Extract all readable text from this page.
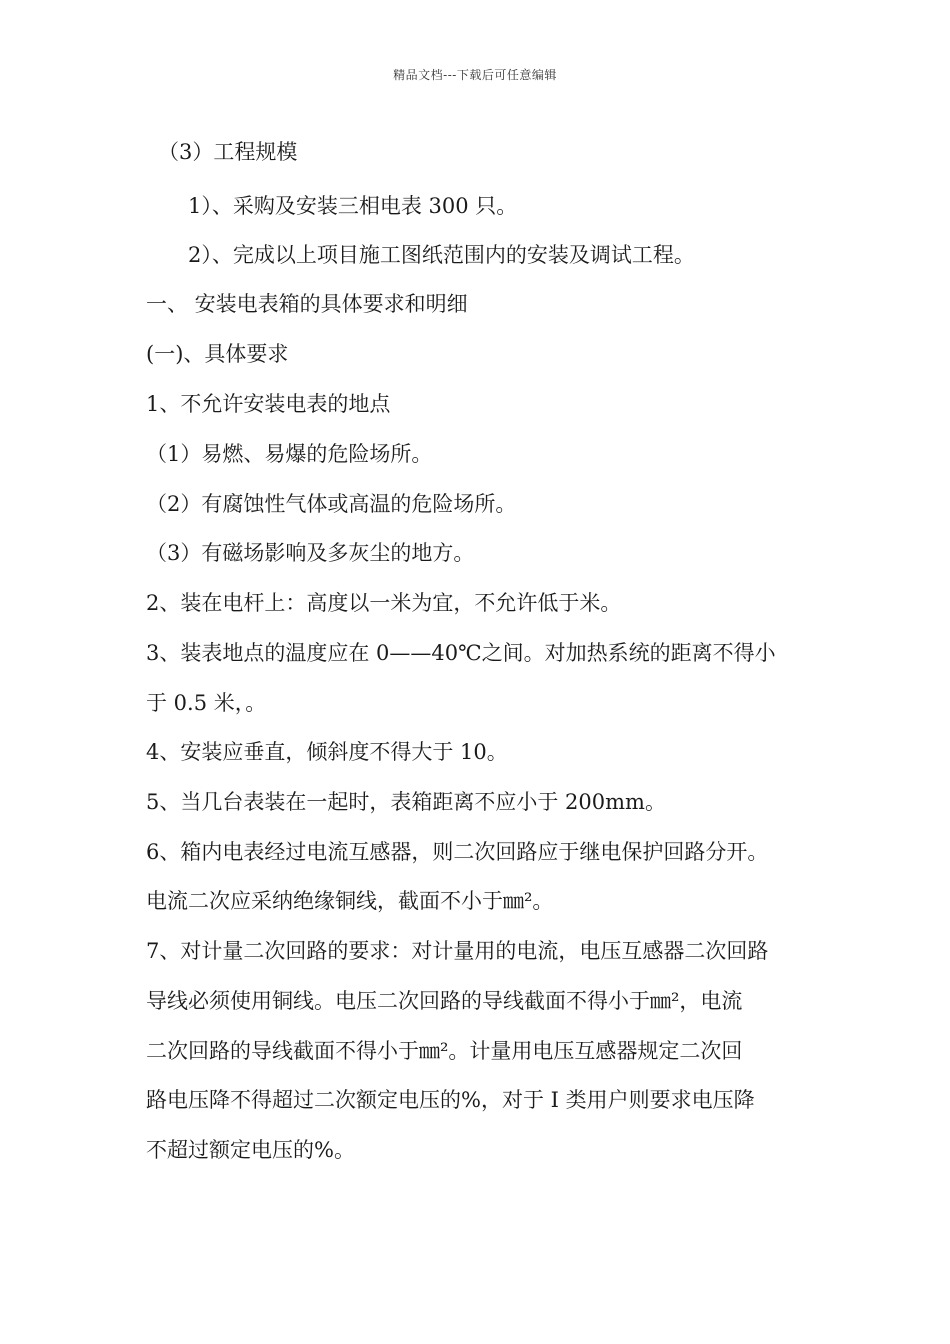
精品文档---下载后可任意编辑
（3）工程规模
1）、采购及安装三相电表 300 只。
2）、完成以上项目施工图纸范围内的安装及调试工程。
一、 安装电表箱的具体要求和明细
(一)、具体要求
1、不允许安装电表的地点
（1）易燃、易爆的危险场所。
（2）有腐蚀性气体或高温的危险场所。
（3）有磁场影响及多灰尘的地方。
2、装在电杆上：高度以一米为宜，不允许低于米。
3、装表地点的温度应在 0——40℃之间。对加热系统的距离不得小
于 0.5 米，。
4、安装应垂直，倾斜度不得大于 10。
5、当几台表装在一起时，表箱距离不应小于 200mm。
6、箱内电表经过电流互感器，则二次回路应于继电保护回路分开。
电流二次应采纳绝缘铜线，截面不小于㎜²。
7、对计量二次回路的要求：对计量用的电流，电压互感器二次回路
导线必须使用铜线。电压二次回路的导线截面不得小于㎜²，电流
二次回路的导线截面不得小于㎜²。计量用电压互感器规定二次回
路电压降不得超过二次额定电压的%，对于 I 类用户则要求电压降
不超过额定电压的%。
